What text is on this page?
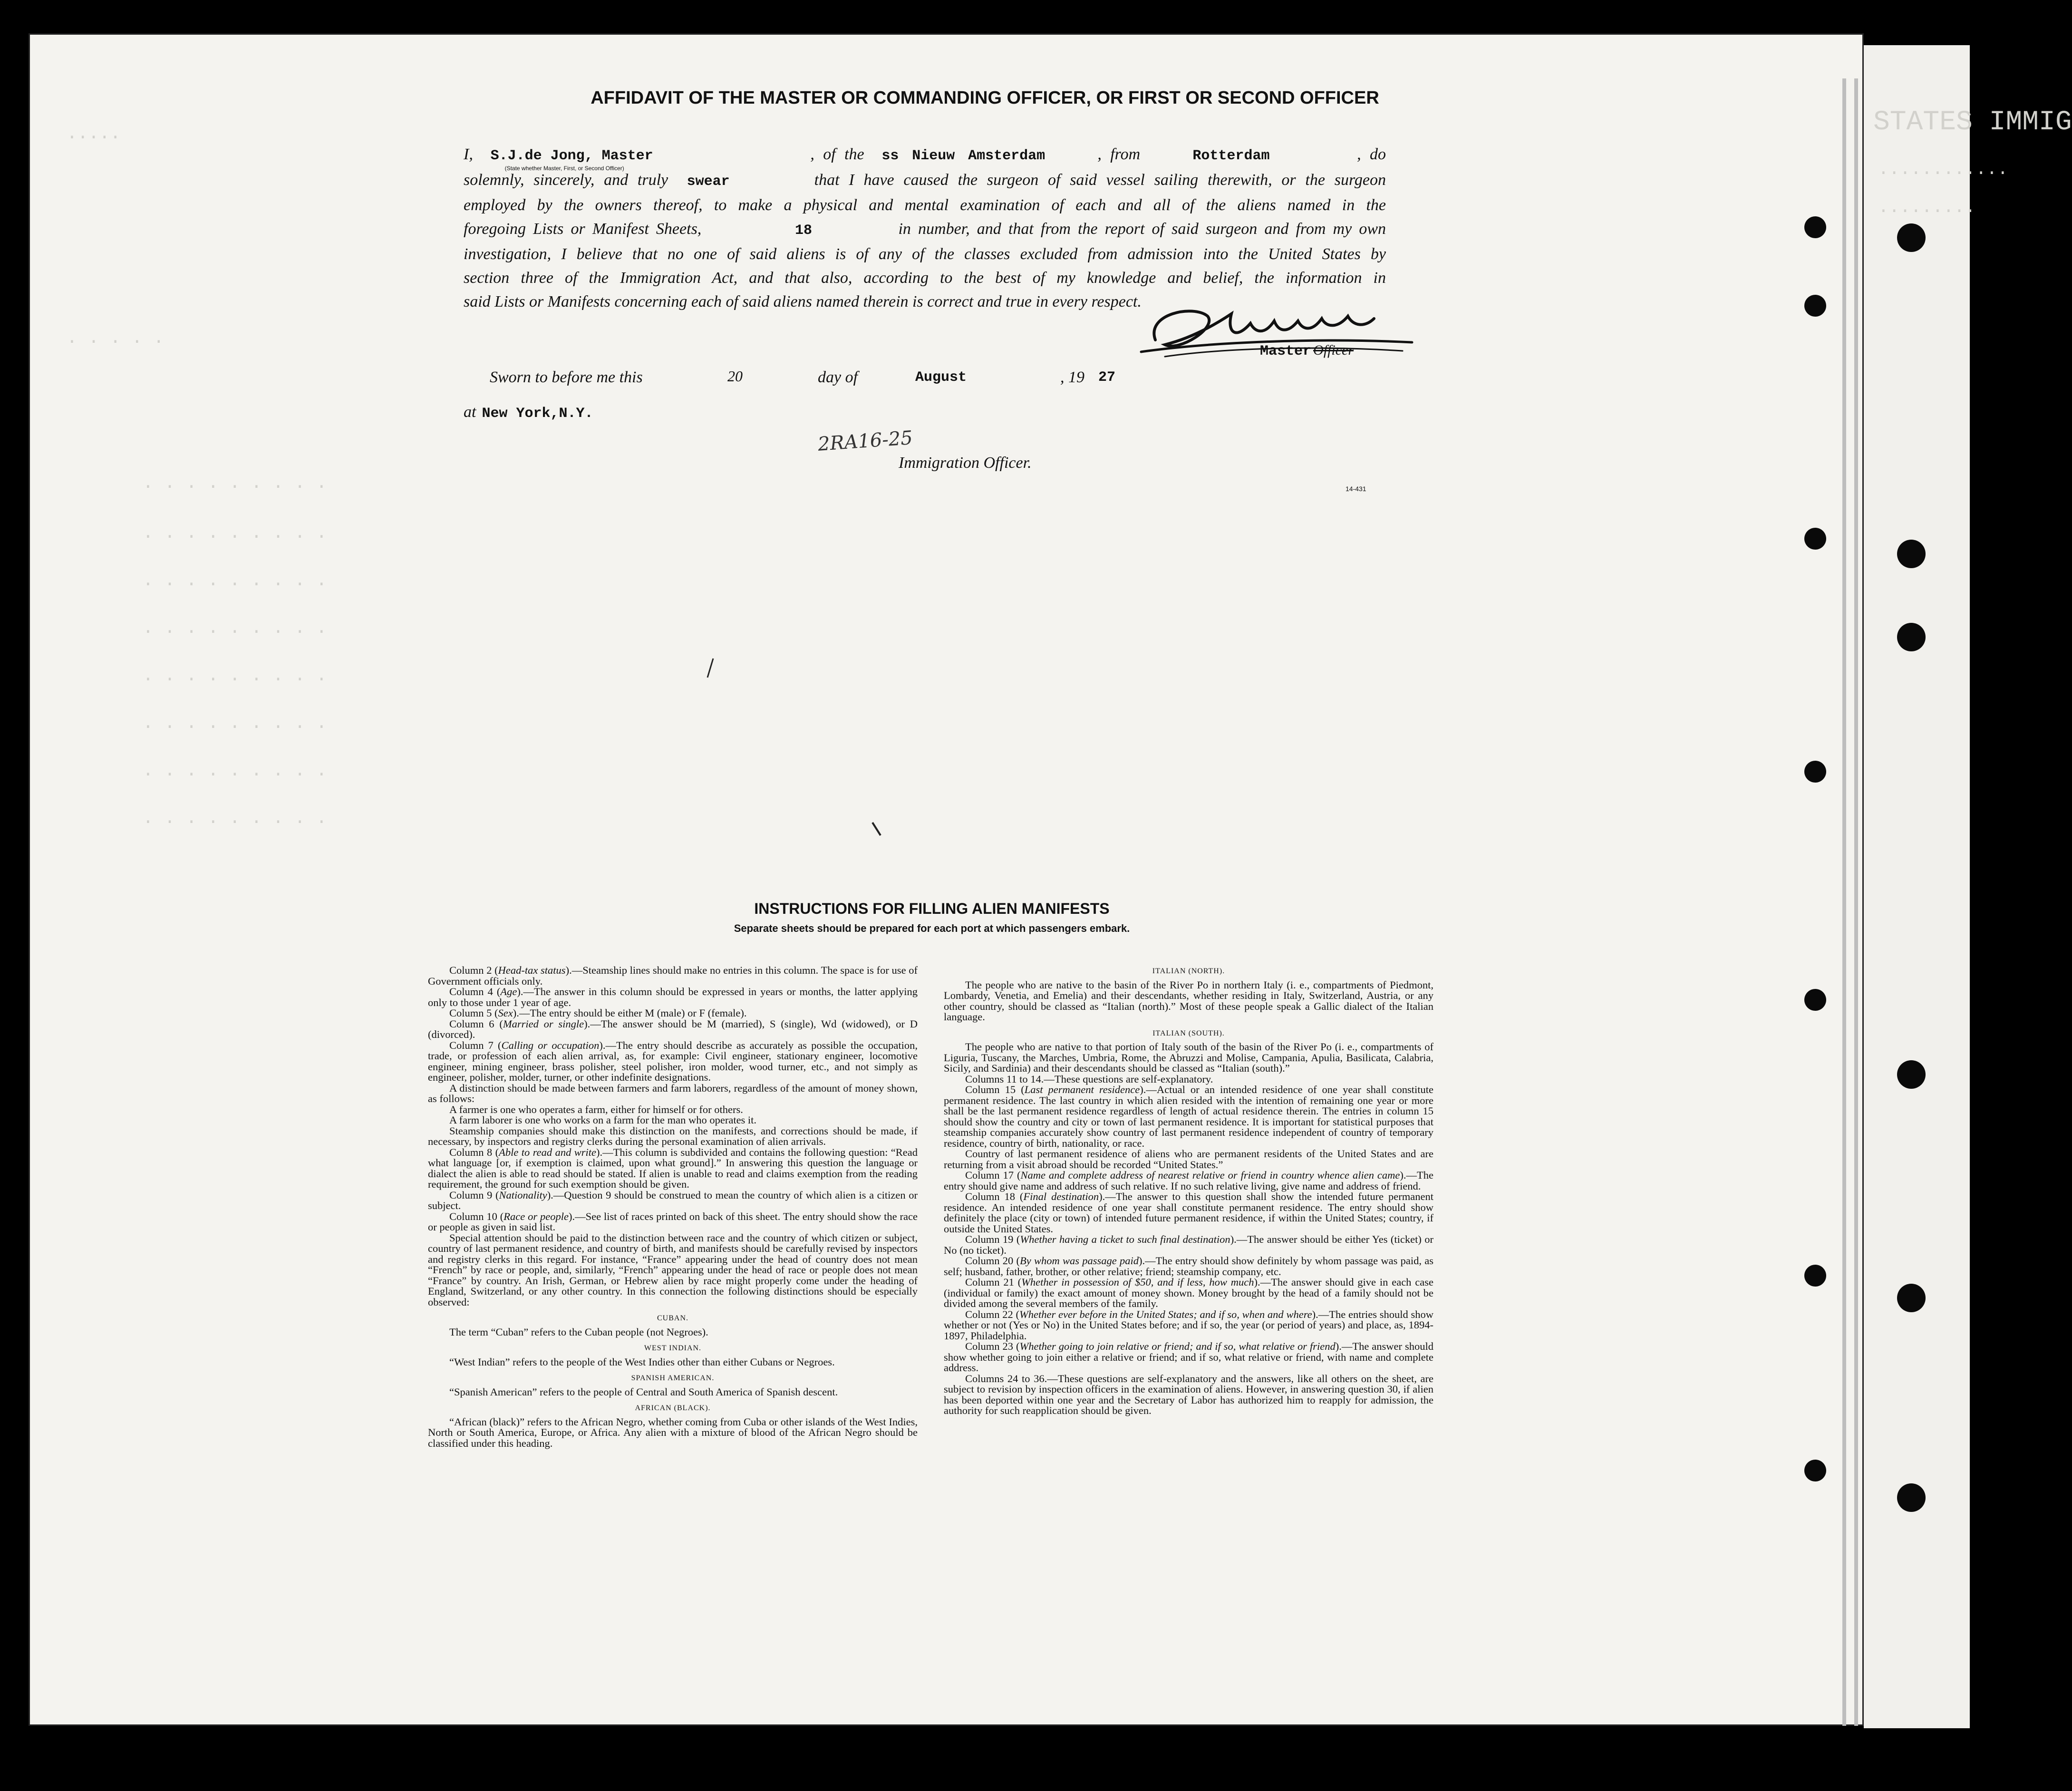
STATES IMMIG
............
.........
.....
. . . . .
. . . . . . . . .
. . . . . . . . .
. . . . . . . . .
. . . . . . . . .
. . . . . . . . .
. . . . . . . . .
. . . . . . . . .
. . . . . . . . .
AFFIDAVIT OF THE MASTER OR COMMANDING OFFICER, OR FIRST OR SECOND OFFICER
I, S.J.de Jong, Master
(State whether Master, First, or Second Officer)
, of the ss Nieuw Amsterdam	, from	Rotterdam	, do
solemnly, sincerely, and truly swear	that I have caused the surgeon of said vessel sailing therewith, or the surgeon
employed by the owners thereof, to make a physical and mental examination of each and all of the aliens named in the
foregoing Lists or Manifest Sheets,	18	in number, and that from the report of said surgeon and from my own
investigation, I believe that no one of said aliens is of any of the classes excluded from admission into the United States by
section three of the Immigration Act, and that also, according to the best of my knowledge and belief, the information in
said Lists or Manifests concerning each of said aliens named therein is correct and true in every respect.
Master Officer
Sworn to before me this	20	day of	August	, 19 27
at New York,N.Y.
2RA16-25
Immigration Officer.
14-431
INSTRUCTIONS FOR FILLING ALIEN MANIFESTS
Separate sheets should be prepared for each port at which passengers embark.

Column 2 (Head-tax status).—Steamship lines should make no entries in this column. The space is for use of Government officials only.

Column 4 (Age).—The answer in this column should be expressed in years or months, the latter applying only to those under 1 year of age.

Column 5 (Sex).—The entry should be either M (male) or F (female).

Column 6 (Married or single).—The answer should be M (married), S (single), Wd (widowed), or D (divorced).

Column 7 (Calling or occupation).—The entry should describe as accurately as possible the occupation, trade, or profession of each alien arrival, as, for example: Civil engineer, stationary engineer, locomotive engineer, mining engineer, brass polisher, steel polisher, iron molder, wood turner, etc., and not simply as engineer, polisher, molder, turner, or other indefinite designations.

A distinction should be made between farmers and farm laborers, regardless of the amount of money shown, as follows:

A farmer is one who operates a farm, either for himself or for others.

A farm laborer is one who works on a farm for the man who operates it.

Steamship companies should make this distinction on the manifests, and corrections should be made, if necessary, by inspectors and registry clerks during the personal examination of alien arrivals.

Column 8 (Able to read and write).—This column is subdivided and contains the following question: “Read what language [or, if exemption is claimed, upon what ground].” In answering this question the language or dialect the alien is able to read should be stated. If alien is unable to read and claims exemption from the reading requirement, the ground for such exemption should be given.

Column 9 (Nationality).—Question 9 should be construed to mean the country of which alien is a citizen or subject.

Column 10 (Race or people).—See list of races printed on back of this sheet. The entry should show the race or people as given in said list.

Special attention should be paid to the distinction between race and the country of which citizen or subject, country of last permanent residence, and country of birth, and manifests should be carefully revised by inspectors and registry clerks in this regard. For instance, “France” appearing under the head of country does not mean “French” by race or people, and, similarly, “French” appearing under the head of race or people does not mean “France” by country. An Irish, German, or Hebrew alien by race might properly come under the heading of England, Switzerland, or any other country. In this connection the following distinctions should be especially observed:

CUBAN.

The term “Cuban” refers to the Cuban people (not Negroes).

WEST INDIAN.

“West Indian” refers to the people of the West Indies other than either Cubans or Negroes.

SPANISH AMERICAN.

“Spanish American” refers to the people of Central and South America of Spanish descent.

AFRICAN (BLACK).

“African (black)” refers to the African Negro, whether coming from Cuba or other islands of the West Indies, North or South America, Europe, or Africa. Any alien with a mixture of blood of the African Negro should be classified under this heading.

ITALIAN (NORTH).

The people who are native to the basin of the River Po in northern Italy (i. e., compartments of Piedmont, Lombardy, Venetia, and Emelia) and their descendants, whether residing in Italy, Switzerland, Austria, or any other country, should be classed as “Italian (north).” Most of these people speak a Gallic dialect of the Italian language.

ITALIAN (SOUTH).

The people who are native to that portion of Italy south of the basin of the River Po (i. e., compartments of Liguria, Tuscany, the Marches, Umbria, Rome, the Abruzzi and Molise, Campania, Apulia, Basilicata, Calabria, Sicily, and Sardinia) and their descendants should be classed as “Italian (south).”

Columns 11 to 14.—These questions are self-explanatory.

Column 15 (Last permanent residence).—Actual or an intended residence of one year shall constitute permanent residence. The last country in which alien resided with the intention of remaining one year or more shall be the last permanent residence regardless of length of actual residence therein. The entries in column 15 should show the country and city or town of last permanent residence. It is important for statistical purposes that steamship companies accurately show country of last permanent residence independent of country of temporary residence, country of birth, nationality, or race.

Country of last permanent residence of aliens who are permanent residents of the United States and are returning from a visit abroad should be recorded “United States.”

Column 17 (Name and complete address of nearest relative or friend in country whence alien came).—The entry should give name and address of such relative. If no such relative living, give name and address of friend.

Column 18 (Final destination).—The answer to this question shall show the intended future permanent residence. An intended residence of one year shall constitute permanent residence. The entry should show definitely the place (city or town) of intended future permanent residence, if within the United States; country, if outside the United States.

Column 19 (Whether having a ticket to such final destination).—The answer should be either Yes (ticket) or No (no ticket).

Column 20 (By whom was passage paid).—The entry should show definitely by whom passage was paid, as self; husband, father, brother, or other relative; friend; steamship company, etc.

Column 21 (Whether in possession of $50, and if less, how much).—The answer should give in each case (individual or family) the exact amount of money shown. Money brought by the head of a family should not be divided among the several members of the family.

Column 22 (Whether ever before in the United States; and if so, when and where).—The entries should show whether or not (Yes or No) in the United States before; and if so, the year (or period of years) and place, as, 1894-1897, Philadelphia.

Column 23 (Whether going to join relative or friend; and if so, what relative or friend).—The answer should show whether going to join either a relative or friend; and if so, what relative or friend, with name and complete address.

Columns 24 to 36.—These questions are self-explanatory and the answers, like all others on the sheet, are subject to revision by inspection officers in the examination of aliens. However, in answering question 30, if alien has been deported within one year and the Secretary of Labor has authorized him to reapply for admission, the authority for such reapplication should be given.
